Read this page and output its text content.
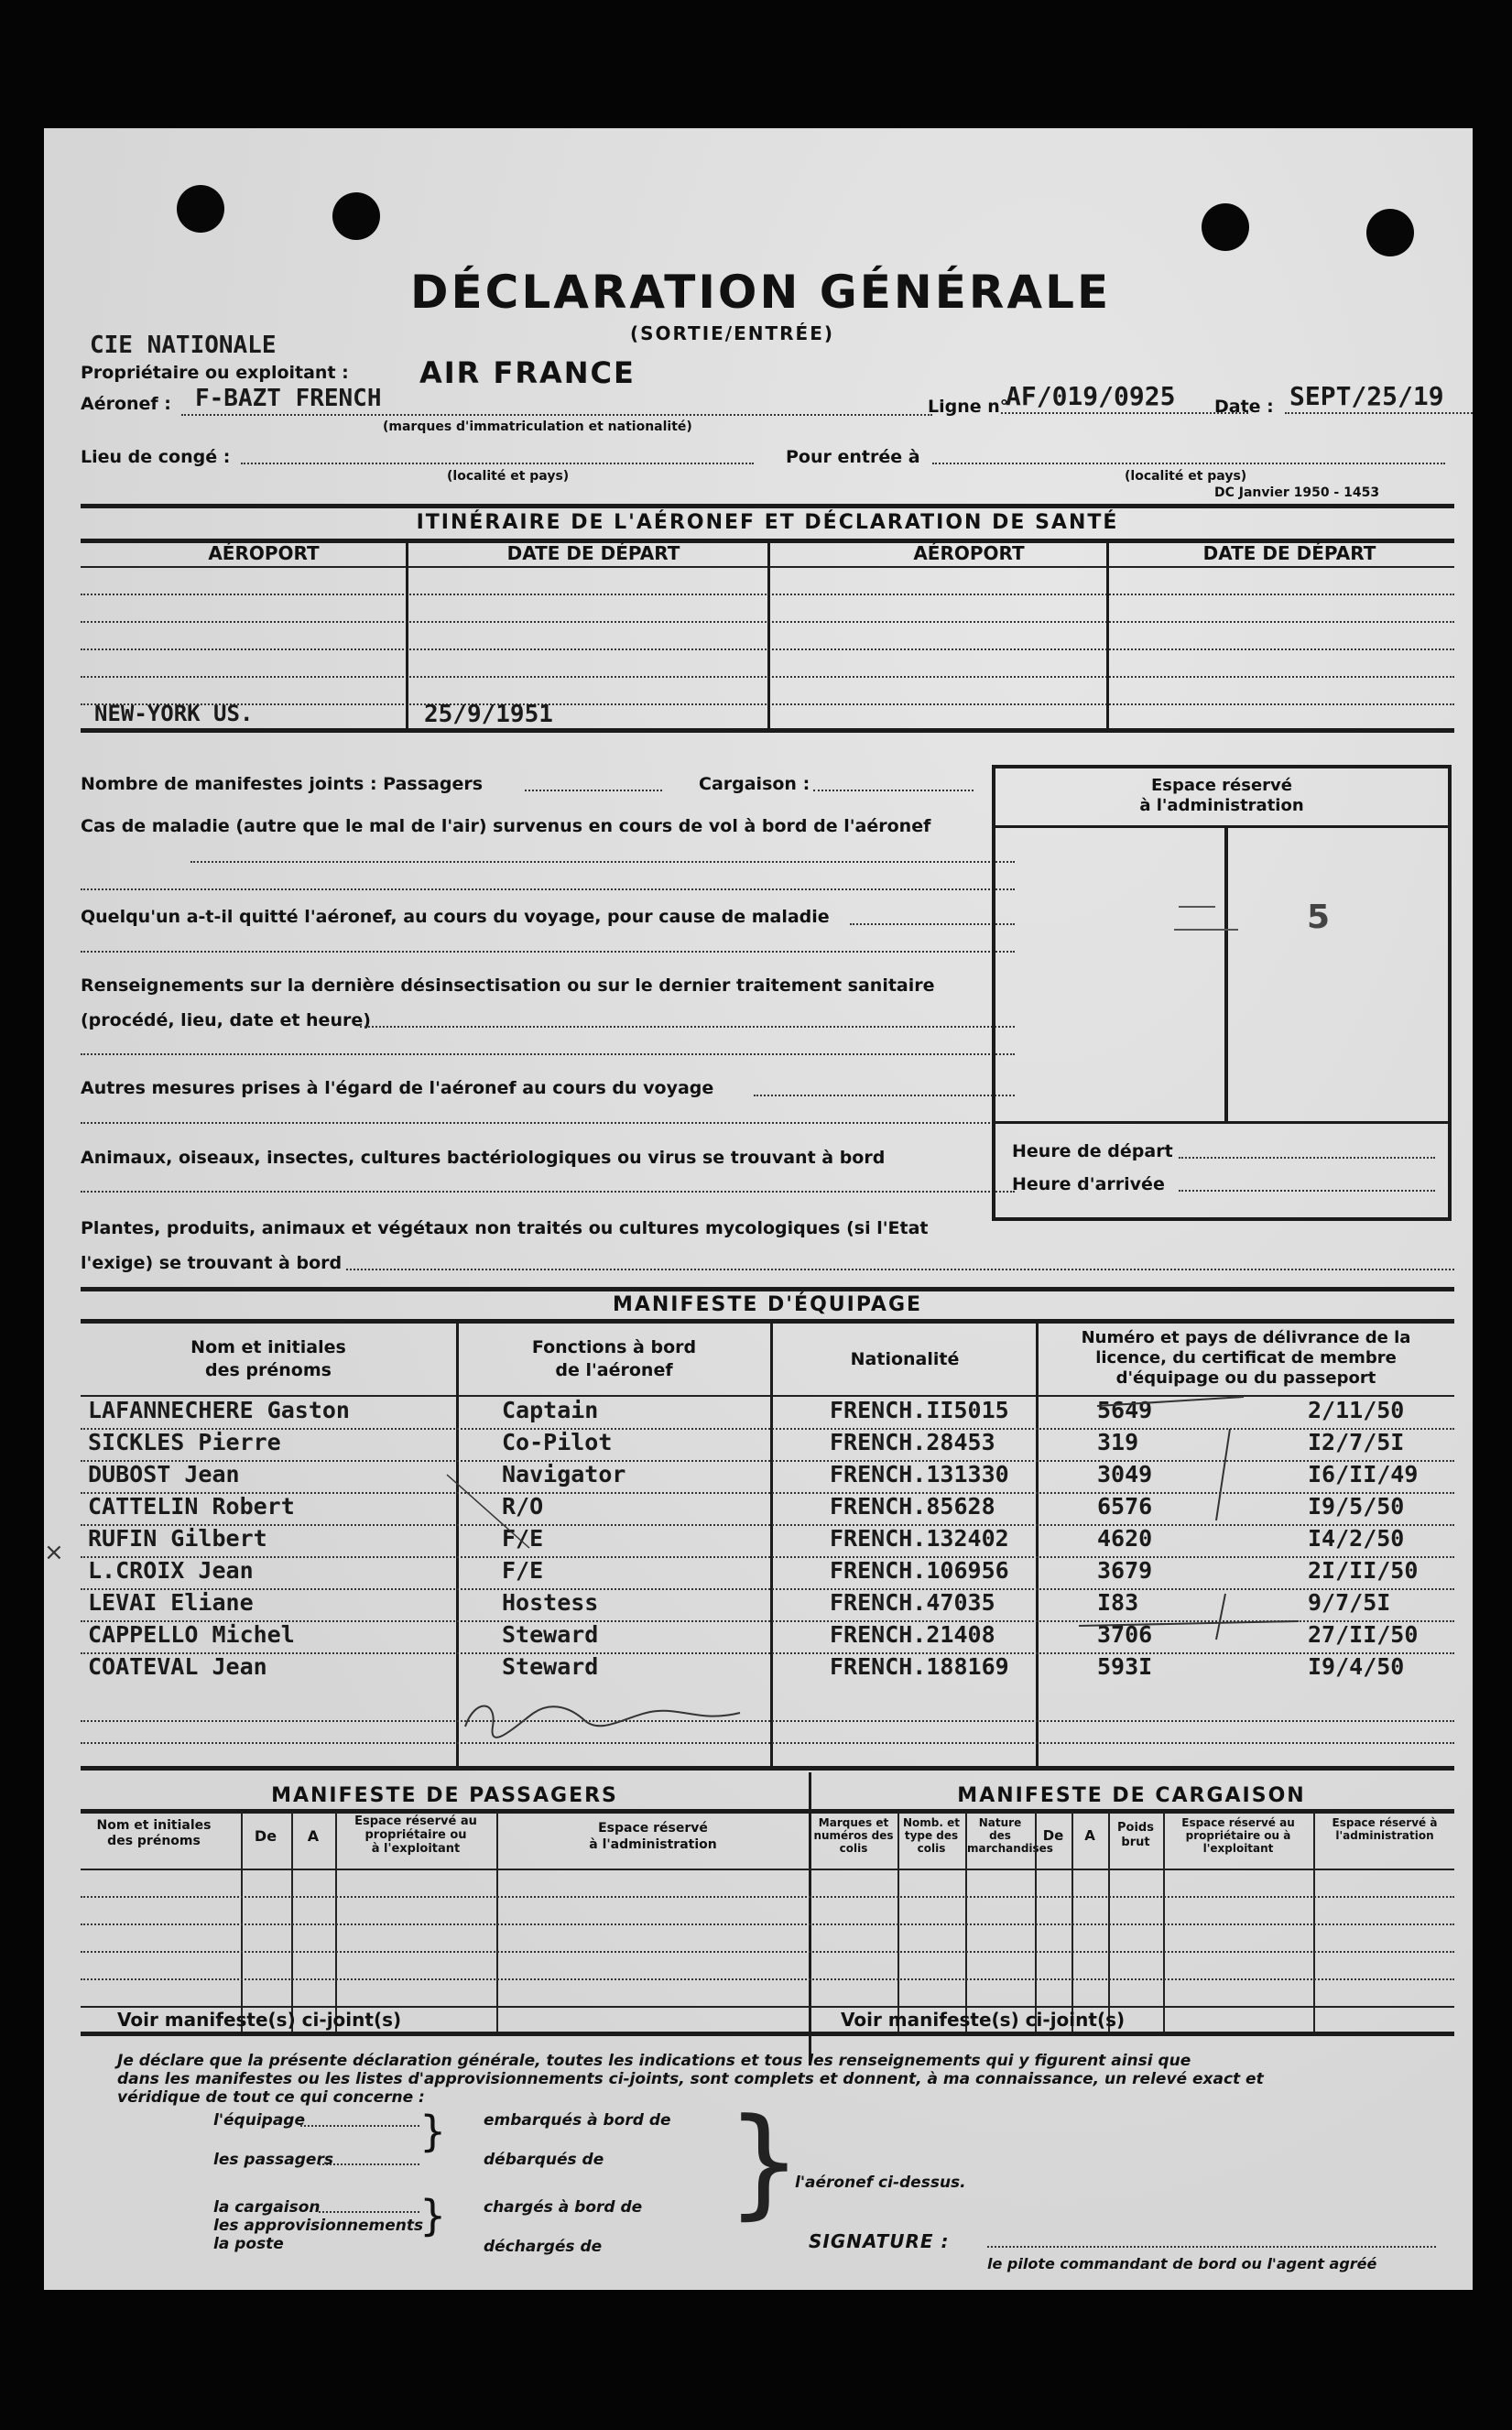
DÉCLARATION GÉNÉRALE
(SORTIE/ENTRÉE)
CIE NATIONALE
Propriétaire ou exploitant : AIR FRANCE
Aéronef : F-BAZT FRENCH
(marques d'immatriculation et nationalité)
Ligne n°
AF/019/0925 Date : SEPT/25/19
Lieu de congé :
(localité et pays)
Pour entrée à
(localité et pays)
DC Janvier 1950 - 1453
ITINÉRAIRE DE L'AÉRONEF ET DÉCLARATION DE SANTÉ
AÉROPORT	DATE DE DÉPART	AÉROPORT	DATE DE DÉPART
NEW-YORK US.	25/9/1951
Nombre de manifestes joints : Passagers	Cargaison :
Cas de maladie (autre que le mal de l'air) survenus en cours de vol à bord de l'aéronef
Quelqu'un a-t-il quitté l'aéronef, au cours du voyage, pour cause de maladie
Renseignements sur la dernière désinsectisation ou sur le dernier traitement sanitaire
(procédé, lieu, date et heure)
Autres mesures prises à l'égard de l'aéronef au cours du voyage
Animaux, oiseaux, insectes, cultures bactériologiques ou virus se trouvant à bord
Plantes, produits, animaux et végétaux non traités ou cultures mycologiques (si l'Etat
l'exige) se trouvant à bord
Espace réservé
à l'administration
5
Heure de départ
Heure d'arrivée
MANIFESTE D'ÉQUIPAGE
Nom et initiales
des prénoms
Fonctions à bord
de l'aéronef
Nationalité
Numéro et pays de délivrance de la
licence, du certificat de membre
d'équipage ou du passeport
LAFANNECHERE Gaston	Captain	FRENCH.II5015	5649	2/11/50
SICKLES Pierre	Co-Pilot	FRENCH.28453	319	I2/7/5I
DUBOST Jean	Navigator	FRENCH.131330	3049	I6/II/49
CATTELIN Robert	R/O	FRENCH.85628	6576	I9/5/50
RUFIN Gilbert	F/E	FRENCH.132402	4620	I4/2/50
L.CROIX Jean	F/E	FRENCH.106956	3679	2I/II/50
LEVAI Eliane	Hostess	FRENCH.47035	I83	9/7/5I
CAPPELLO Michel	Steward	FRENCH.21408	3706	27/II/50
COATEVAL Jean	Steward	FRENCH.188169	593I	I9/4/50
×
MANIFESTE DE PASSAGERS	MANIFESTE DE CARGAISON
Nom et initiales
des prénoms	De	A
Espace réservé au
propriétaire ou
à l'exploitant
Espace réservé
à l'administration
Marques et numéros des colis
Nomb. et type des colis
Nature des marchandises
De	A	Poids brut
Espace réservé au propriétaire ou à l'exploitant
Espace réservé à l'administration
Voir manifeste(s) ci-joint(s)	Voir manifeste(s) ci-joint(s)
Je déclare que la présente déclaration générale, toutes les indications et tous les renseignements qui y figurent ainsi que
dans les manifestes ou les listes d'approvisionnements ci-joints, sont complets et donnent, à ma connaissance, un relevé exact et
véridique de tout ce qui concerne :
l'équipage
les passagers
} embarqués à bord de
débarqués de
la cargaison
les approvisionnements
la poste
} chargés à bord de
déchargés de
}
l'aéronef ci-dessus.
SIGNATURE :
le pilote commandant de bord ou l'agent agréé
